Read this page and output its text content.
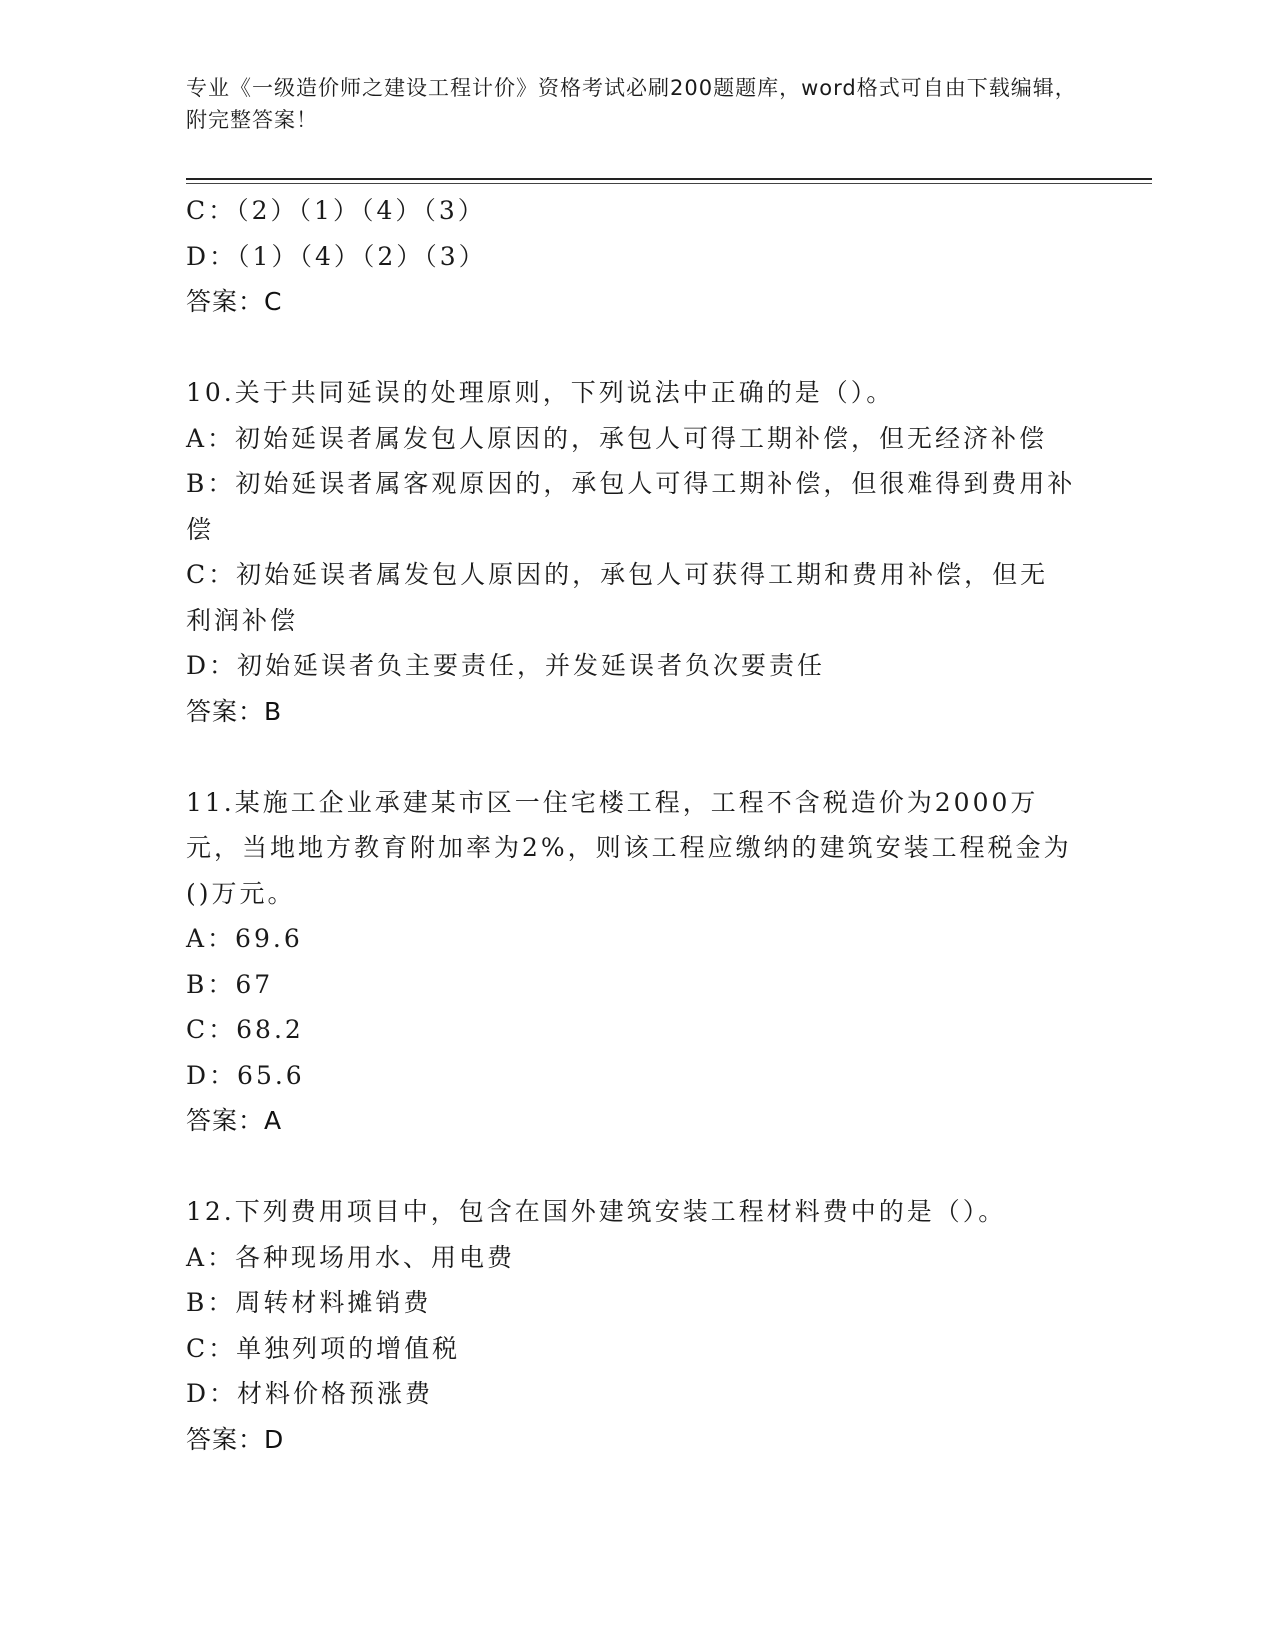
专业《一级造价师之建设工程计价》资格考试必刷200题题库，word格式可自由下载编辑，附完整答案！
C：（2）（1）（4）（3）
D：（1）（4）（2）（3）
答案：C
10.关于共同延误的处理原则，下列说法中正确的是（）。
A：初始延误者属发包人原因的，承包人可得工期补偿，但无经济补偿
B：初始延误者属客观原因的，承包人可得工期补偿，但很难得到费用补偿
C：初始延误者属发包人原因的，承包人可获得工期和费用补偿，但无利润补偿
D：初始延误者负主要责任，并发延误者负次要责任
答案：B
11.某施工企业承建某市区一住宅楼工程，工程不含税造价为2000万元，当地地方教育附加率为2%，则该工程应缴纳的建筑安装工程税金为()万元。
A：69.6
B：67
C：68.2
D：65.6
答案：A
12.下列费用项目中，包含在国外建筑安装工程材料费中的是（）。
A：各种现场用水、用电费
B：周转材料摊销费
C：单独列项的增值税
D：材料价格预涨费
答案：D
